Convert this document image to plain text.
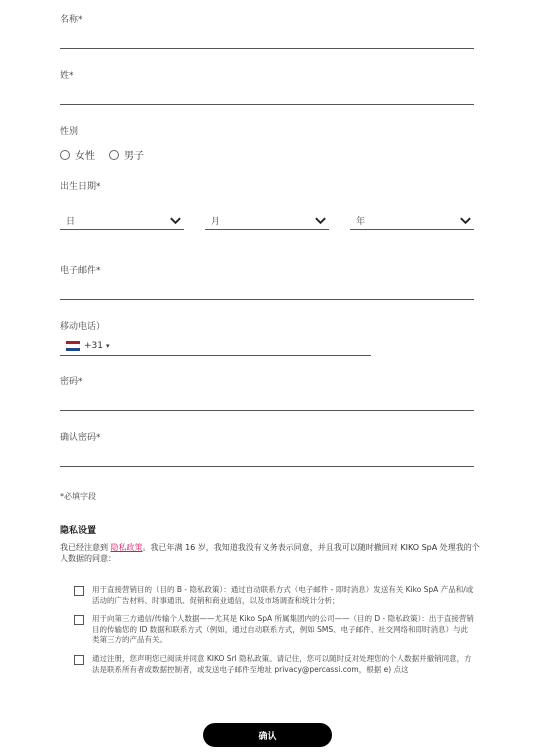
名称*
姓*
性别
女性	男子
出生日期*
日	月	年
电子邮件*
移动电话）
+31 ▾
密码*
确认密码*
*必填字段
隐私设置
我已经注意到 隐私政策。我已年满 16 岁，我知道我没有义务表示同意，并且我可以随时撤回对 KIKO SpA 处理我的个人数据的同意：
用于直接营销目的（目的 B - 隐私政策）：通过自动联系方式（电子邮件 - 即时消息）发送有关 Kiko SpA 产品和/或活动的广告材料、时事通讯、促销和商业通信，以及市场调查和统计分析；
用于向第三方通信/传输个人数据——尤其是 Kiko SpA 所属集团内的公司——（目的 D - 隐私政策）：出于直接营销目的传输您的 ID 数据和联系方式（例如，通过自动联系方式，例如 SMS、电子邮件、社交网络和即时消息）与此类第三方的产品有关。
通过注册，您声明您已阅读并同意 KIKO Srl 隐私政策。请记住，您可以随时反对处理您的个人数据并撤销同意，方法是联系所有者或数据控制者，或发送电子邮件至地址 privacy@percassi.com，根据 e) 点这
确认
